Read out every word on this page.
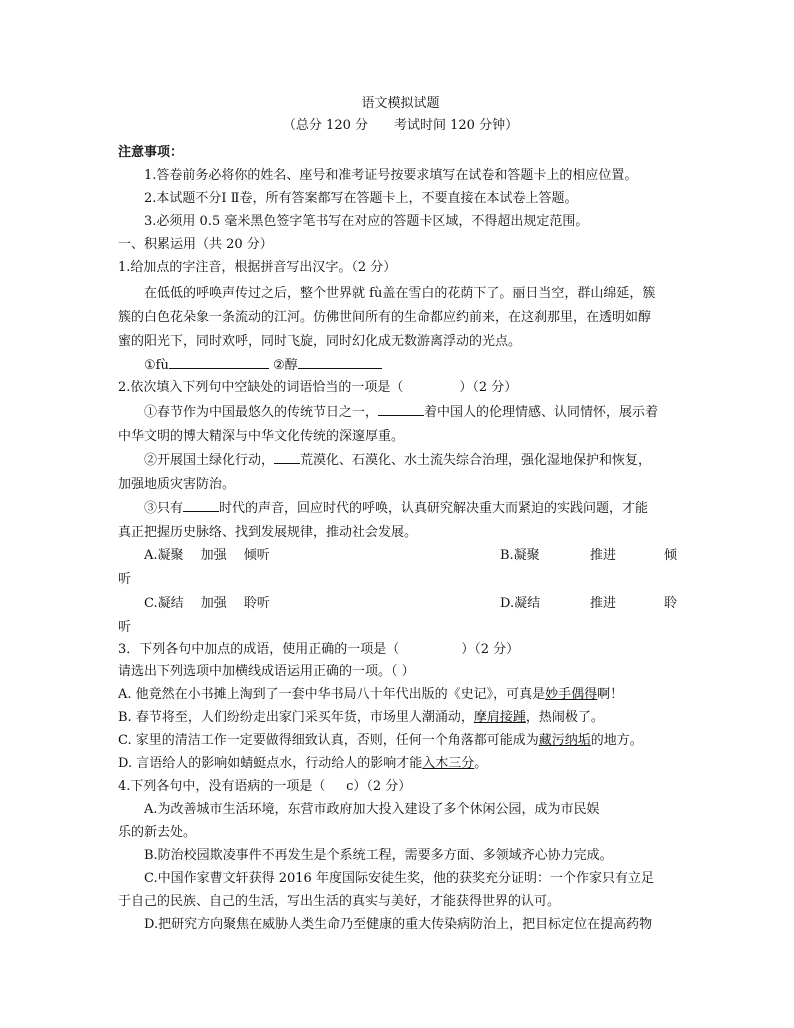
语文模拟试题
（总分 120 分　　考试时间 120 分钟）
注意事项：
1.答卷前务必将你的姓名、座号和准考证号按要求填写在试卷和答题卡上的相应位置。
2.本试题不分Ⅰ Ⅱ卷，所有答案都写在答题卡上，不要直接在本试卷上答题。
3.必须用 0.5 毫米黑色签字笔书写在对应的答题卡区域，不得超出规定范围。
一、积累运用（共 20 分）
1.给加点的字注音，根据拼音写出汉字。（2 分）
在低低的呼唤声传过之后，整个世界就 fù盖在雪白的花荫下了。丽日当空，群山绵延，簇
簇的白色花朵象一条流动的江河。仿佛世间所有的生命都应约前来，在这刹那里，在透明如醇
蜜的阳光下，同时欢呼，同时飞旋，同时幻化成无数游离浮动的光点。
①fù	②醇
2.依次填入下列句中空缺处的词语恰当的一项是（	）（2 分）
①春节作为中国最悠久的传统节日之一，	着中国人的伦理情感、认同情怀，展示着
中华文明的博大精深与中华文化传统的深邃厚重。
②开展国土绿化行动， 荒漠化、石漠化、水土流失综合治理，强化湿地保护和恢复，
加强地质灾害防治。
③只有	时代的声音，回应时代的呼唤，认真研究解决重大而紧迫的实践问题，才能
真正把握历史脉络、找到发展规律，推动社会发展。
A.凝聚　 加强　 倾听	B.凝聚	推进	倾
听
C.凝结　 加强　 聆听	D.凝结	推进	聆
听
3．下列各句中加点的成语，使用正确的一项是（	）（2 分）
请选出下列选项中加横线成语运用正确的一项。（ ）
A. 他竟然在小书摊上淘到了一套中华书局八十年代出版的《史记》，可真是妙手偶得啊！
B. 春节将至，人们纷纷走出家门采买年货，市场里人潮涌动，摩肩接踵，热闹极了。
C. 家里的清洁工作一定要做得细致认真，否则，任何一个角落都可能成为藏污纳垢的地方。
D. 言语给人的影响如蜻蜓点水，行动给人的影响才能入木三分。
4.下列各句中，没有语病的一项是（ c）（2 分）
A.为改善城市生活环境，东营市政府加大投入建设了多个休闲公园，成为市民娱
乐的新去处。
B.防治校园欺凌事件不再发生是个系统工程，需要多方面、多领域齐心协力完成。
C.中国作家曹文轩获得 2016 年度国际安徒生奖，他的获奖充分证明：一个作家只有立足
于自己的民族、自己的生活，写出生活的真实与美好，才能获得世界的认可。
D.把研究方向聚焦在威胁人类生命乃至健康的重大传染病防治上，把目标定位在提高药物
